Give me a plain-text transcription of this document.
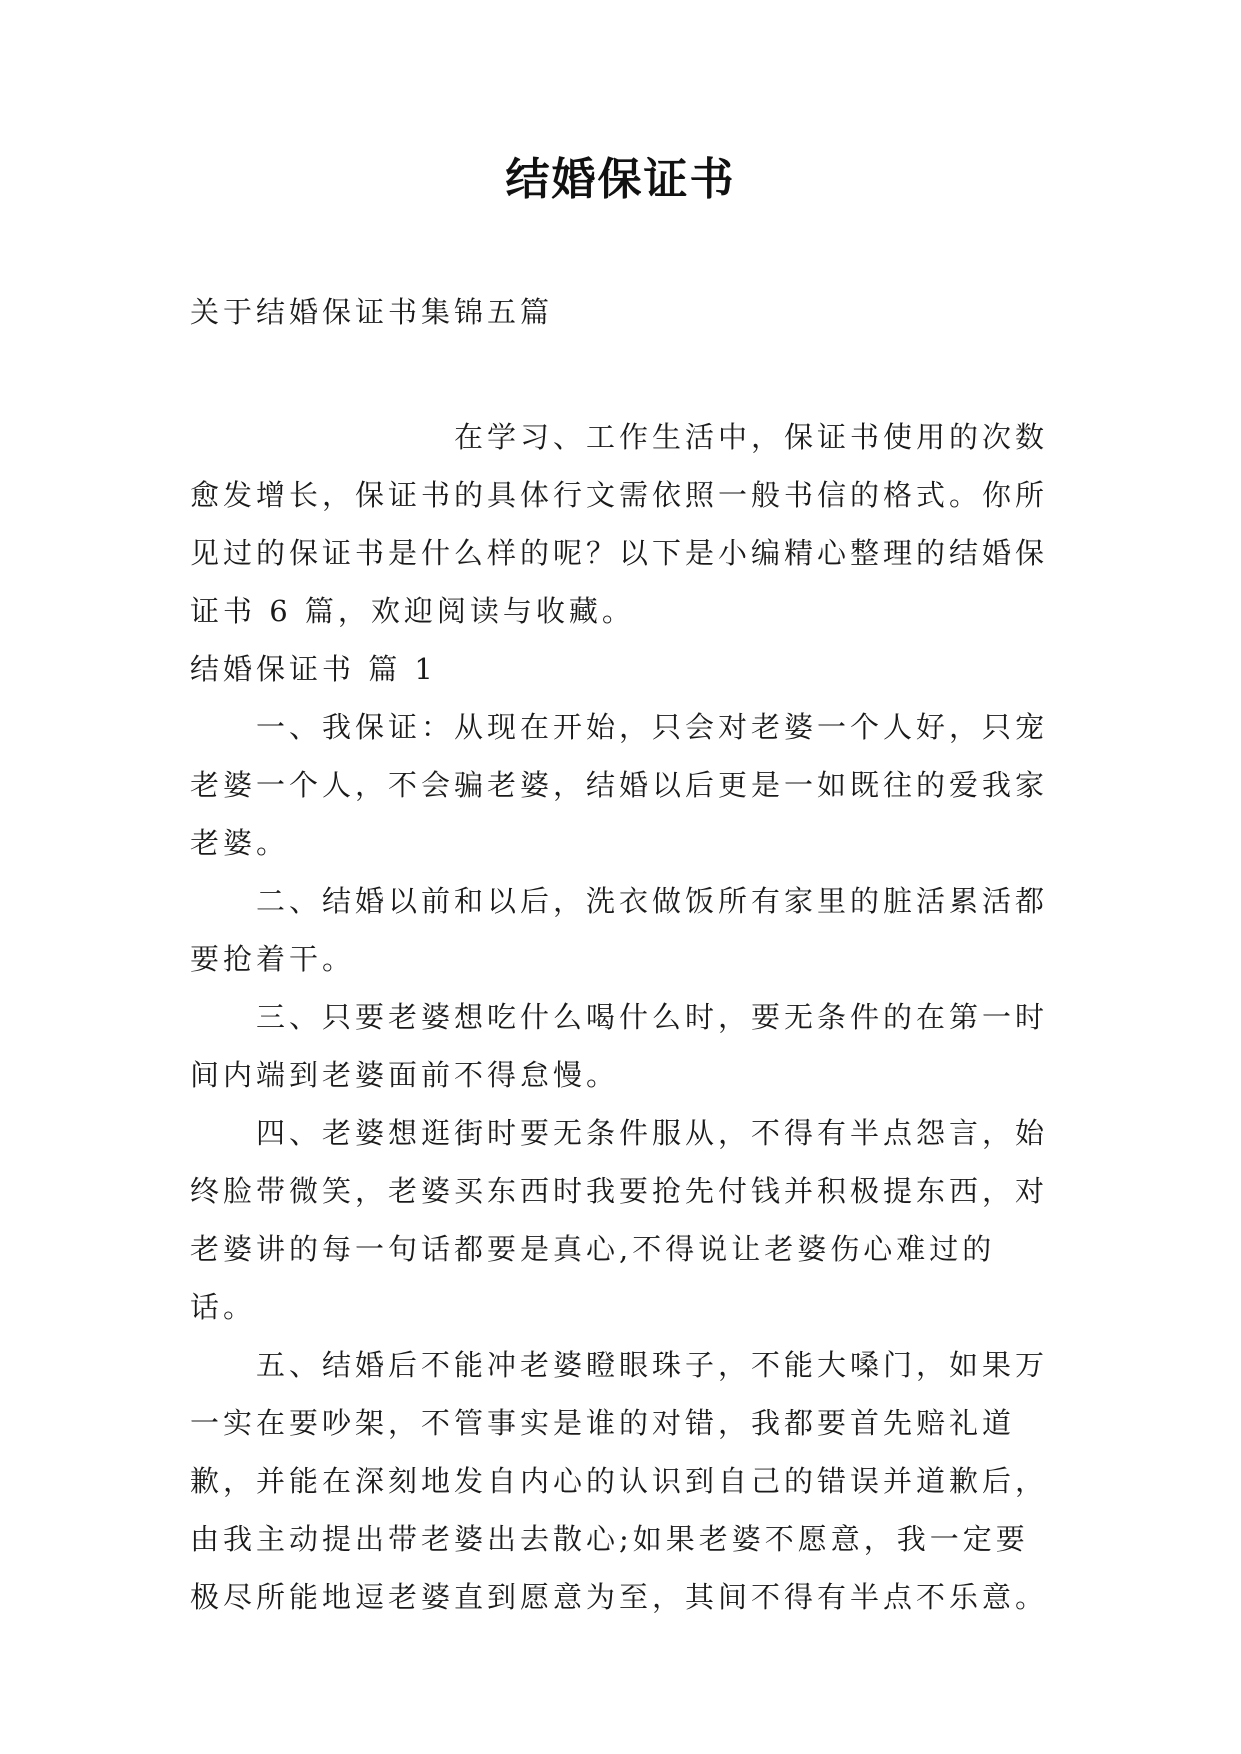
结婚保证书
关于结婚保证书集锦五篇

在学习、工作生活中，保证书使用的次数愈发增长，保证书的具体行文需依照一般书信的格式。你所见过的保证书是什么样的呢？以下是小编精心整理的结婚保证书 6 篇，欢迎阅读与收藏。

结婚保证书 篇 1

一、我保证：从现在开始，只会对老婆一个人好，只宠老婆一个人，不会骗老婆，结婚以后更是一如既往的爱我家老婆。

二、结婚以前和以后，洗衣做饭所有家里的脏活累活都要抢着干。

三、只要老婆想吃什么喝什么时，要无条件的在第一时间内端到老婆面前不得怠慢。

四、老婆想逛街时要无条件服从，不得有半点怨言，始终脸带微笑，老婆买东西时我要抢先付钱并积极提东西，对老婆讲的每一句话都要是真心,不得说让老婆伤心难过的话。

五、结婚后不能冲老婆瞪眼珠子，不能大嗓门，如果万一实在要吵架，不管事实是谁的对错，我都要首先赔礼道歉，并能在深刻地发自内心的认识到自己的错误并道歉后，由我主动提出带老婆出去散心;如果老婆不愿意，我一定要极尽所能地逗老婆直到愿意为至，其间不得有半点不乐意。
